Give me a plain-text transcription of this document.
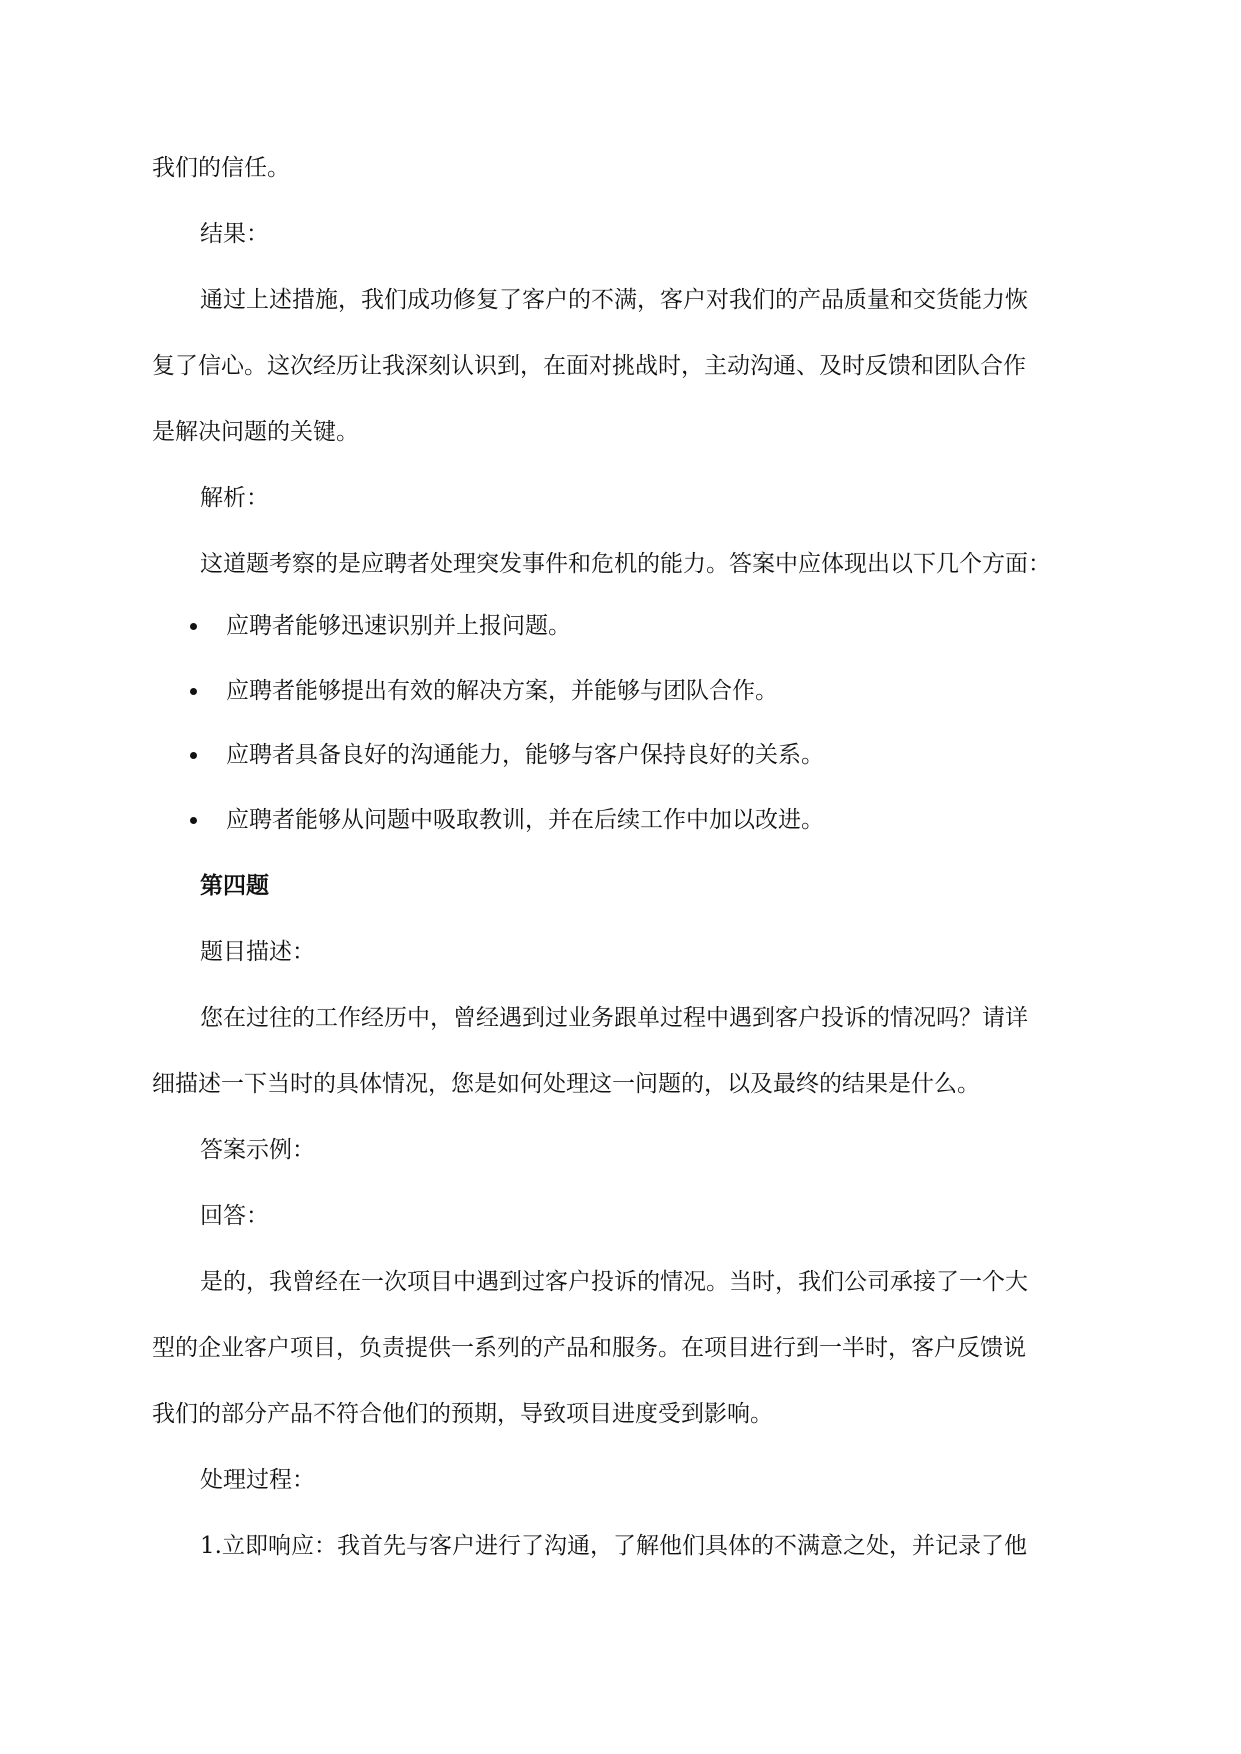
我们的信任。
结果：
通过上述措施，我们成功修复了客户的不满，客户对我们的产品质量和交货能力恢
复了信心。这次经历让我深刻认识到，在面对挑战时，主动沟通、及时反馈和团队合作
是解决问题的关键。
解析：
这道题考察的是应聘者处理突发事件和危机的能力。答案中应体现出以下几个方面：
应聘者能够迅速识别并上报问题。
应聘者能够提出有效的解决方案，并能够与团队合作。
应聘者具备良好的沟通能力，能够与客户保持良好的关系。
应聘者能够从问题中吸取教训，并在后续工作中加以改进。
第四题
题目描述：
您在过往的工作经历中，曾经遇到过业务跟单过程中遇到客户投诉的情况吗？请详
细描述一下当时的具体情况，您是如何处理这一问题的，以及最终的结果是什么。
答案示例：
回答：
是的，我曾经在一次项目中遇到过客户投诉的情况。当时，我们公司承接了一个大
型的企业客户项目，负责提供一系列的产品和服务。在项目进行到一半时，客户反馈说
我们的部分产品不符合他们的预期，导致项目进度受到影响。
处理过程：
1.立即响应：我首先与客户进行了沟通，了解他们具体的不满意之处，并记录了他
